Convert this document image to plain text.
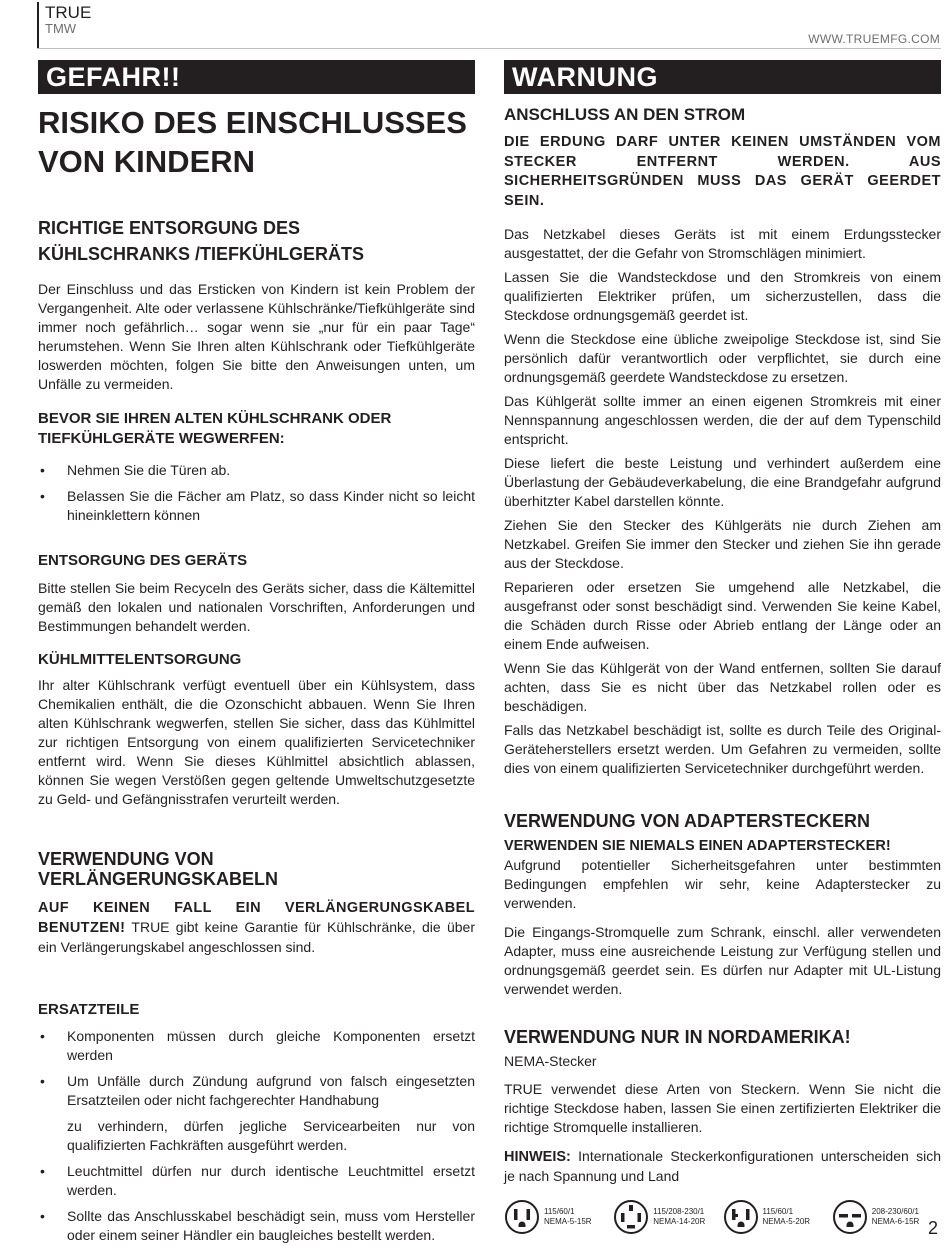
TRUE
TMW
WWW.TRUEMFG.COM
GEFAHR!!
RISIKO DES EINSCHLUSSES
VON KINDERN
RICHTIGE ENTSORGUNG DES
KÜHLSCHRANKS /TIEFKÜHLGERÄTS

Der Einschluss und das Ersticken von Kindern ist kein Problem der Vergangenheit. Alte oder verlassene Kühlschränke/Tiefkühlgeräte sind immer noch gefährlich… sogar wenn sie „nur für ein paar Tage“ herumstehen. Wenn Sie Ihren alten Kühlschrank oder Tiefkühlgeräte loswerden möchten, folgen Sie bitte den Anweisungen unten, um Unfälle zu vermeiden.

BEVOR SIE IHREN ALTEN KÜHLSCHRANK ODER
TIEFKÜHLGERÄTE WEGWERFEN:
• Nehmen Sie die Türen ab.
• Belassen Sie die Fächer am Platz, so dass Kinder nicht so leicht hineinklettern können
ENTSORGUNG DES GERÄTS

Bitte stellen Sie beim Recyceln des Geräts sicher, dass die Kältemittel gemäß den lokalen und nationalen Vorschriften, Anforderungen und Bestimmungen behandelt werden.

KÜHLMITTELENTSORGUNG

Ihr alter Kühlschrank verfügt eventuell über ein Kühlsystem, dass Chemikalien enthält, die die Ozonschicht abbauen. Wenn Sie Ihren alten Kühlschrank wegwerfen, stellen Sie sicher, dass das Kühlmittel zur richtigen Entsorgung von einem qualifizierten Servicetechniker entfernt wird. Wenn Sie dieses Kühlmittel absichtlich ablassen, können Sie wegen Verstößen gegen geltende Umweltschutzgesetzte zu Geld- und Gefängnisstrafen verurteilt werden.

VERWENDUNG VON
VERLÄNGERUNGSKABELN

AUF KEINEN FALL EIN VERLÄNGERUNGSKABEL BENUTZEN! TRUE gibt keine Garantie für Kühlschränke, die über ein Verlängerungskabel angeschlossen sind.

ERSATZTEILE
• Komponenten müssen durch gleiche Komponenten ersetzt werden
• Um Unfälle durch Zündung aufgrund von falsch eingesetzten Ersatzteilen oder nicht fachgerechter Handhabung
zu verhindern, dürfen jegliche Servicearbeiten nur von qualifizierten Fachkräften ausgeführt werden.
• Leuchtmittel dürfen nur durch identische Leuchtmittel ersetzt werden.
• Sollte das Anschlusskabel beschädigt sein, muss vom Hersteller oder einem seiner Händler ein baugleiches bestellt werden.
WARNUNG
ANSCHLUSS AN DEN STROM

DIE ERDUNG DARF UNTER KEINEN UMSTÄNDEN VOM STECKER ENTFERNT WERDEN. AUS SICHERHEITSGRÜNDEN MUSS DAS GERÄT GEERDET SEIN.

Das Netzkabel dieses Geräts ist mit einem Erdungsstecker ausgestattet, der die Gefahr von Stromschlägen minimiert.

Lassen Sie die Wandsteckdose und den Stromkreis von einem qualifizierten Elektriker prüfen, um sicherzustellen, dass die Steckdose ordnungsgemäß geerdet ist.

Wenn die Steckdose eine übliche zweipolige Steckdose ist, sind Sie persönlich dafür verantwortlich oder verpflichtet, sie durch eine ordnungsgemäß geerdete Wandsteckdose zu ersetzen.

Das Kühlgerät sollte immer an einen eigenen Stromkreis mit einer Nennspannung angeschlossen werden, die der auf dem Typenschild entspricht.

Diese liefert die beste Leistung und verhindert außerdem eine Überlastung der Gebäudeverkabelung, die eine Brandgefahr aufgrund überhitzter Kabel darstellen könnte.

Ziehen Sie den Stecker des Kühlgeräts nie durch Ziehen am Netzkabel. Greifen Sie immer den Stecker und ziehen Sie ihn gerade aus der Steckdose.

Reparieren oder ersetzen Sie umgehend alle Netzkabel, die ausgefranst oder sonst beschädigt sind. Verwenden Sie keine Kabel, die Schäden durch Risse oder Abrieb entlang der Länge oder an einem Ende aufweisen.

Wenn Sie das Kühlgerät von der Wand entfernen, sollten Sie darauf achten, dass Sie es nicht über das Netzkabel rollen oder es beschädigen.

Falls das Netzkabel beschädigt ist, sollte es durch Teile des Original-Geräteherstellers ersetzt werden. Um Gefahren zu vermeiden, sollte dies von einem qualifizierten Servicetechniker durchgeführt werden.

VERWENDUNG VON ADAPTERSTECKERN
VERWENDEN SIE NIEMALS EINEN ADAPTERSTECKER!

Aufgrund potentieller Sicherheitsgefahren unter bestimmten Bedingungen empfehlen wir sehr, keine Adapterstecker zu verwenden.

Die Eingangs-Stromquelle zum Schrank, einschl. aller verwendeten Adapter, muss eine ausreichende Leistung zur Verfügung stellen und ordnungsgemäß geerdet sein. Es dürfen nur Adapter mit UL-Listung verwendet werden.

VERWENDUNG NUR IN NORDAMERIKA!

NEMA-Stecker

TRUE verwendet diese Arten von Steckern. Wenn Sie nicht die richtige Steckdose haben, lassen Sie einen zertifizierten Elektriker die richtige Stromquelle installieren.

HINWEIS: Internationale Steckerkonfigurationen unterscheiden sich je nach Spannung und Land

115/60/1
NEMA-5-15R
115/208-230/1
NEMA-14-20R
115/60/1
NEMA-5-20R
208-230/60/1
NEMA-6-15R 2
